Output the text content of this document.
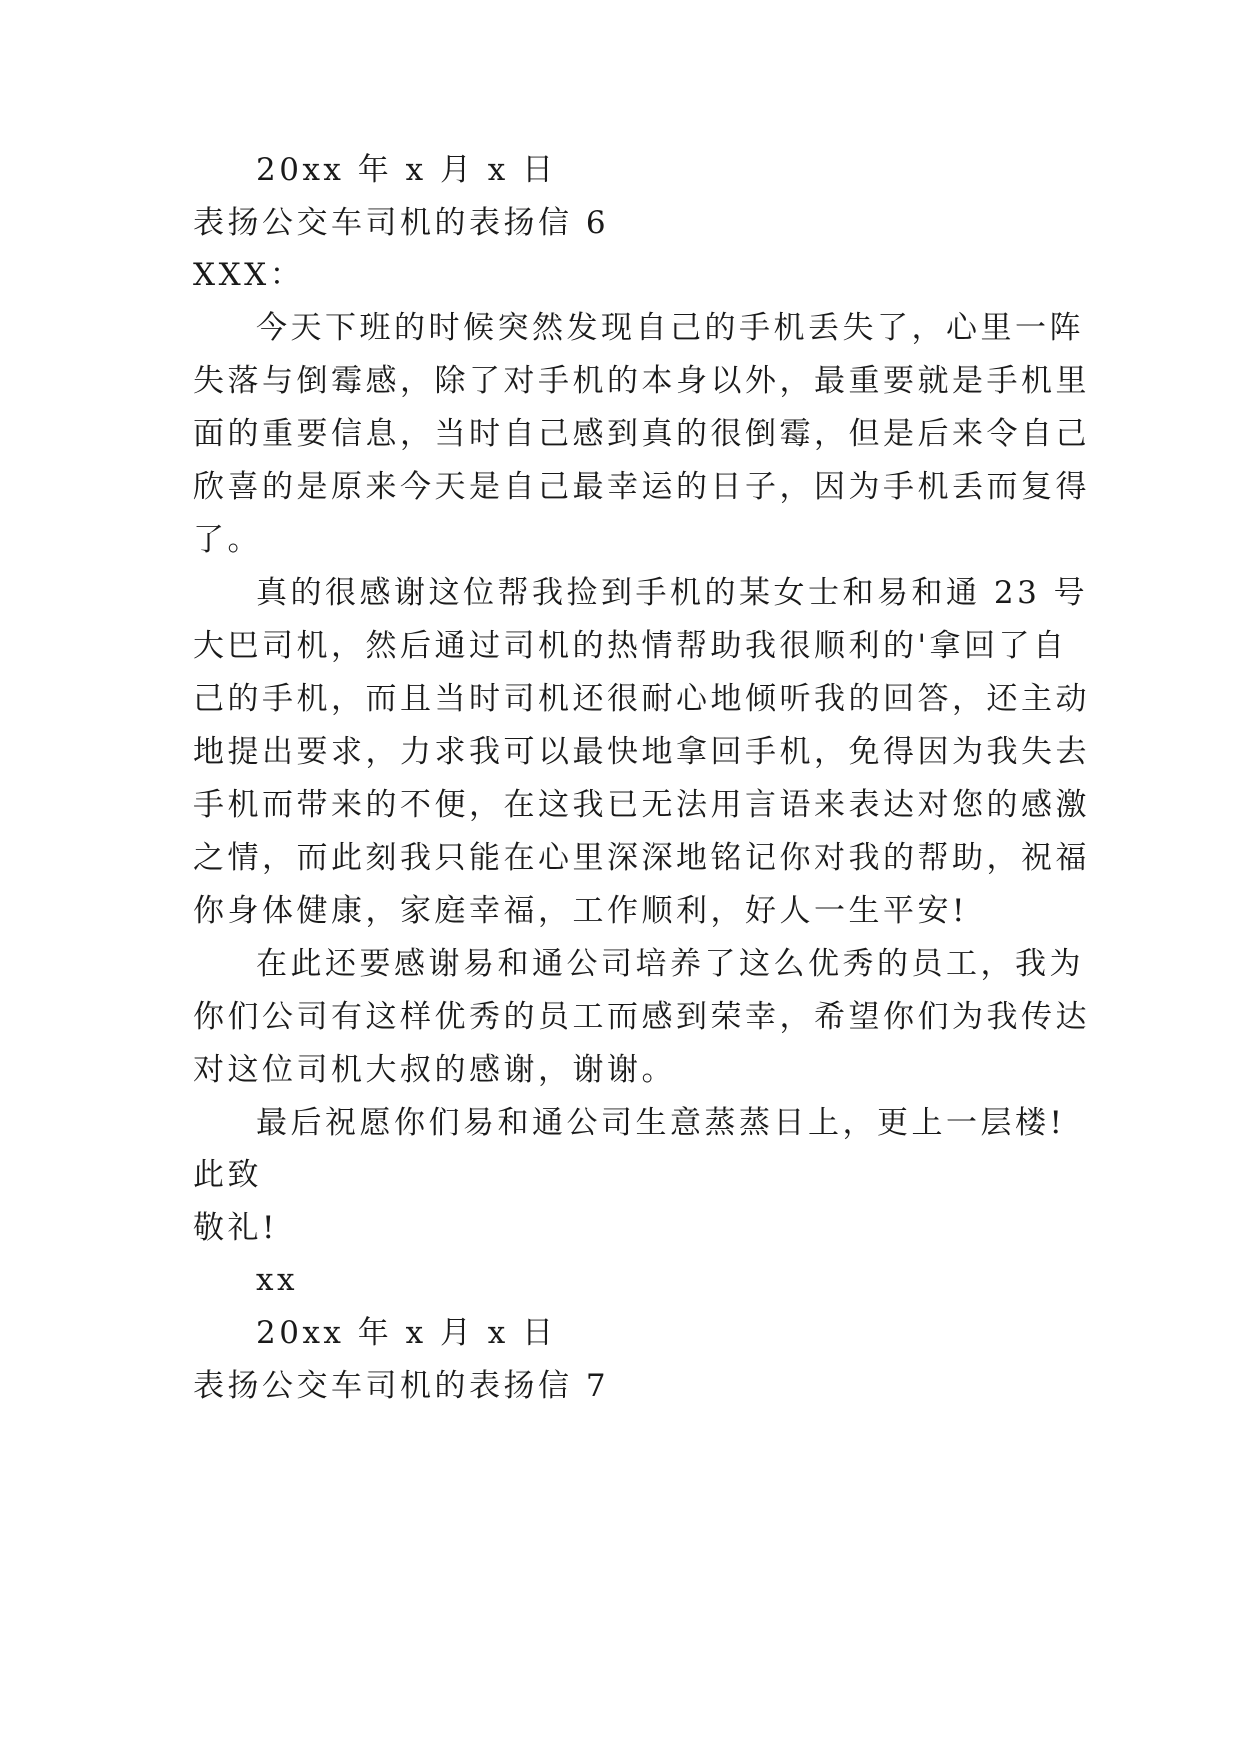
20xx 年 x 月 x 日
表扬公交车司机的表扬信 6
XXX：
今天下班的时候突然发现自己的手机丢失了，心里一阵
失落与倒霉感，除了对手机的本身以外，最重要就是手机里
面的重要信息，当时自己感到真的很倒霉，但是后来令自己
欣喜的是原来今天是自己最幸运的日子，因为手机丢而复得
了。
真的很感谢这位帮我捡到手机的某女士和易和通 23 号
大巴司机，然后通过司机的热情帮助我很顺利的'拿回了自
己的手机，而且当时司机还很耐心地倾听我的回答，还主动
地提出要求，力求我可以最快地拿回手机，免得因为我失去
手机而带来的不便，在这我已无法用言语来表达对您的感激
之情，而此刻我只能在心里深深地铭记你对我的帮助，祝福
你身体健康，家庭幸福，工作顺利，好人一生平安!
在此还要感谢易和通公司培养了这么优秀的员工，我为
你们公司有这样优秀的员工而感到荣幸，希望你们为我传达
对这位司机大叔的感谢，谢谢。
最后祝愿你们易和通公司生意蒸蒸日上，更上一层楼!
此致
敬礼!
xx
20xx 年 x 月 x 日
表扬公交车司机的表扬信 7
